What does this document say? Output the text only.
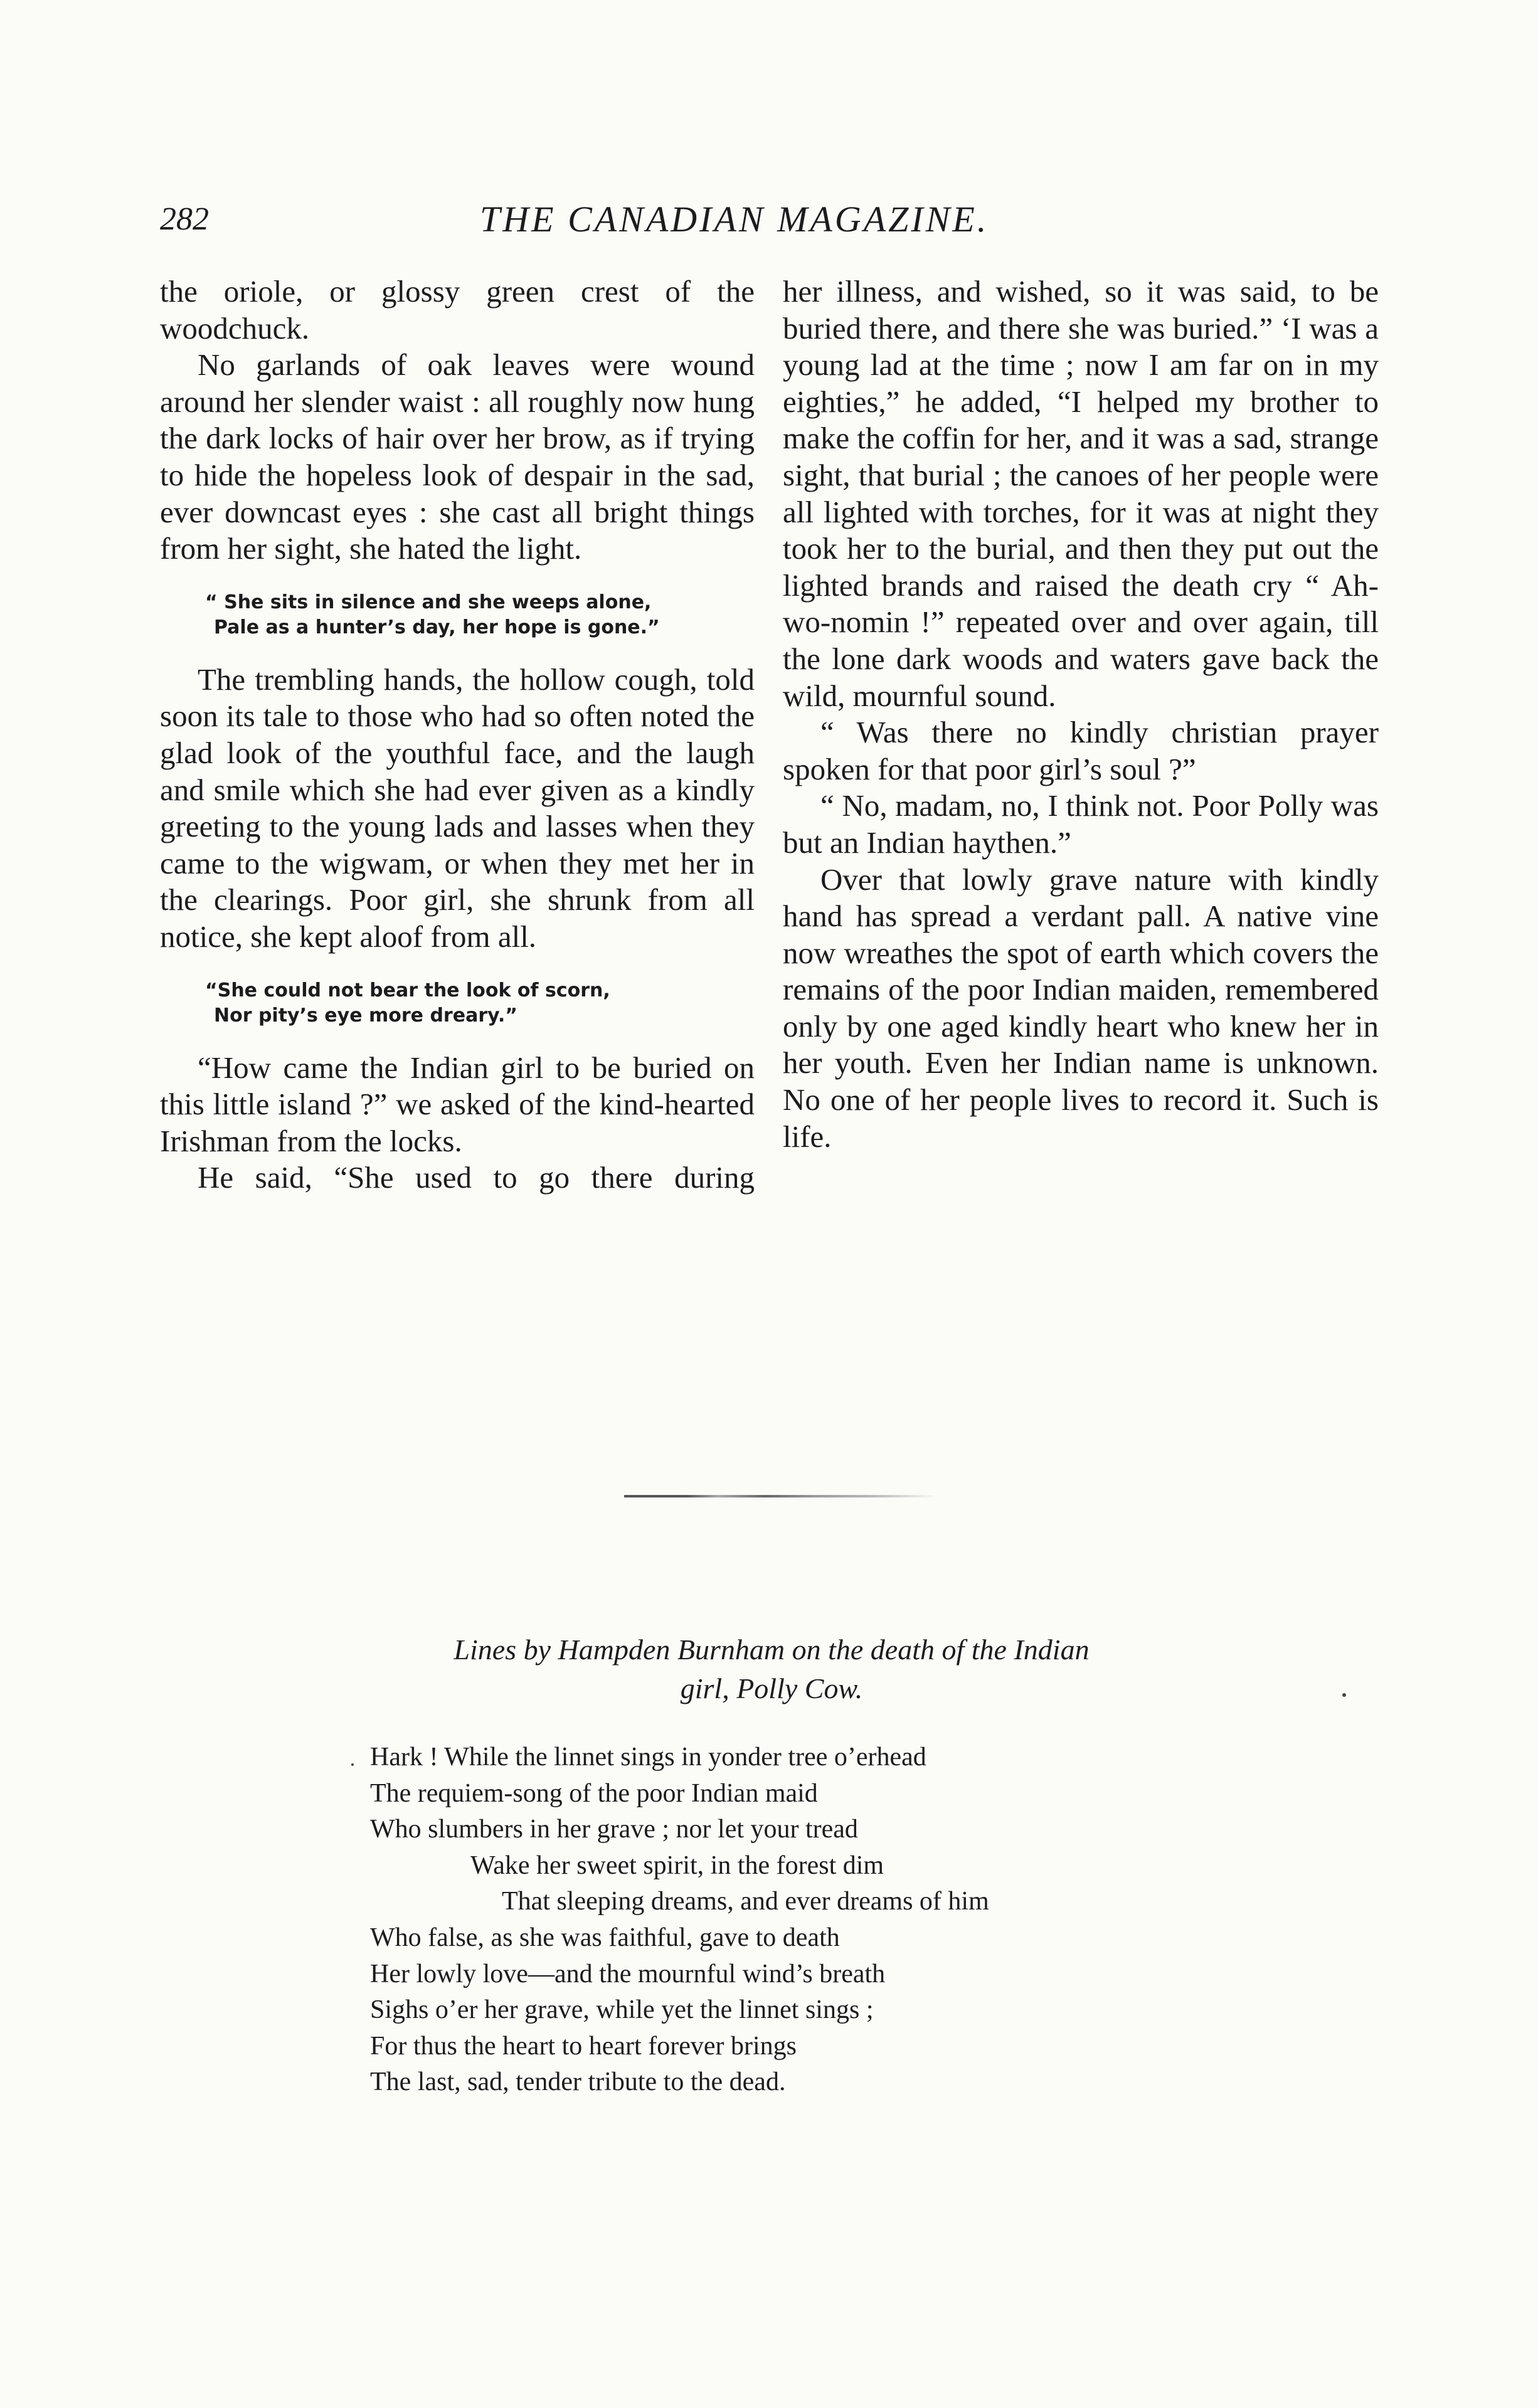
282	THE CANADIAN MAGAZINE.

the oriole, or glossy green crest of the woodchuck.

No garlands of oak leaves were wound around her slender waist : all roughly now hung the dark locks of hair over her brow, as if trying to hide the hopeless look of despair in the sad, ever downcast eyes : she cast all bright things from her sight, she hated the light.

“ She sits in silence and she weeps alone,
Pale as a hunter’s day, her hope is gone.”

The trembling hands, the hollow cough, told soon its tale to those who had so often noted the glad look of the youthful face, and the laugh and smile which she had ever given as a kindly greeting to the young lads and lasses when they came to the wigwam, or when they met her in the clearings. Poor girl, she shrunk from all notice, she kept aloof from all.

“She could not bear the look of scorn,
Nor pity’s eye more dreary.”

“How came the Indian girl to be buried on this little island ?” we asked of the kind-hearted Irishman from the locks.

He said, “She used to go there during

her illness, and wished, so it was said, to be buried there, and there she was buried.” ‘I was a young lad at the time ; now I am far on in my eighties,” he added, “I helped my brother to make the coffin for her, and it was a sad, strange sight, that burial ; the canoes of her people were all lighted with torches, for it was at night they took her to the burial, and then they put out the lighted brands and raised the death cry “ Ah-wo-nomin !” repeated over and over again, till the lone dark woods and waters gave back the wild, mournful sound.

“ Was there no kindly christian prayer spoken for that poor girl’s soul ?”

“ No, madam, no, I think not. Poor Polly was but an Indian haythen.”

Over that lowly grave nature with kindly hand has spread a verdant pall. A native vine now wreathes the spot of earth which covers the remains of the poor Indian maiden, remembered only by one aged kindly heart who knew her in her youth. Even her Indian name is unknown. No one of her people lives to record it. Such is life.

Lines by Hampden Burnham on the death of the Indian
girl, Polly Cow.
Hark ! While the linnet sings in yonder tree o’erhead
The requiem-song of the poor Indian maid
Who slumbers in her grave ; nor let your tread
Wake her sweet spirit, in the forest dim
That sleeping dreams, and ever dreams of him
Who false, as she was faithful, gave to death
Her lowly love—and the mournful wind’s breath
Sighs o’er her grave, while yet the linnet sings ;
For thus the heart to heart forever brings
The last, sad, tender tribute to the dead.
